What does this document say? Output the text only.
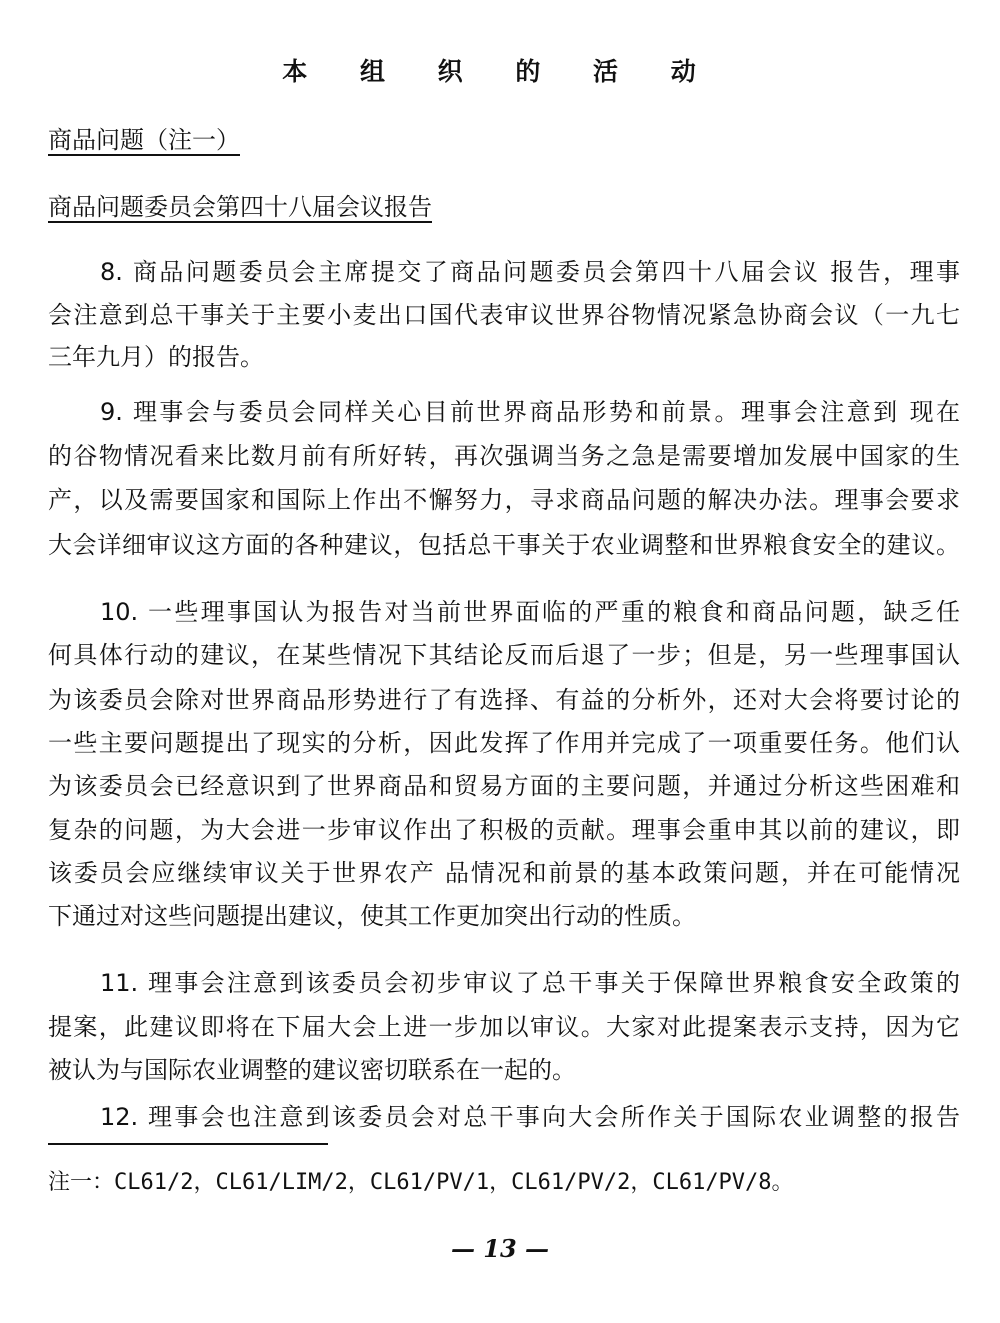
本 组 织 的 活 动
商品问题（注一）
商品问题委员会第四十八届会议报告
8. 商品问题委员会主席提交了商品问题委员会第四十八届会议 报告，理事
会注意到总干事关于主要小麦出口国代表审议世界谷物情况紧急协商会议（一九七
三年九月）的报告。
9. 理事会与委员会同样关心目前世界商品形势和前景。理事会注意到 现在
的谷物情况看来比数月前有所好转，再次强调当务之急是需要增加发展中国家的生
产，以及需要国家和国际上作出不懈努力，寻求商品问题的解决办法。理事会要求
大会详细审议这方面的各种建议，包括总干事关于农业调整和世界粮食安全的建议。
10. 一些理事国认为报告对当前世界面临的严重的粮食和商品问题，缺乏任
何具体行动的建议，在某些情况下其结论反而后退了一步；但是，另一些理事国认
为该委员会除对世界商品形势进行了有选择、有益的分析外，还对大会将要讨论的
一些主要问题提出了现实的分析，因此发挥了作用并完成了一项重要任务。他们认
为该委员会已经意识到了世界商品和贸易方面的主要问题，并通过分析这些困难和
复杂的问题，为大会进一步审议作出了积极的贡献。理事会重申其以前的建议，即
该委员会应继续审议关于世界农产 品情况和前景的基本政策问题，并在可能情况
下通过对这些问题提出建议，使其工作更加突出行动的性质。
11. 理事会注意到该委员会初步审议了总干事关于保障世界粮食安全政策的
提案，此建议即将在下届大会上进一步加以审议。大家对此提案表示支持，因为它
被认为与国际农业调整的建议密切联系在一起的。
12. 理事会也注意到该委员会对总干事向大会所作关于国际农业调整的报告
注一：CL61/2，CL61/LIM/2，CL61/PV/1，CL61/PV/2，CL61/PV/8。
— 13 —
